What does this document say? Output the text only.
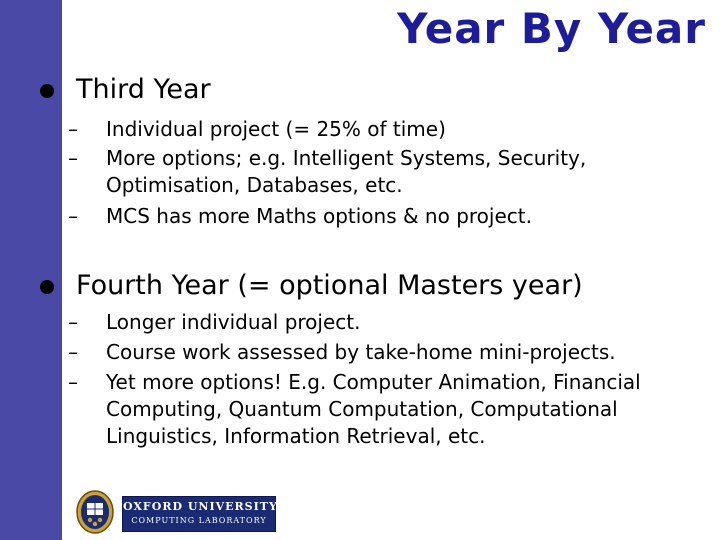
Year By Year
Third Year
– Individual project (= 25% of time)
– More options; e.g. Intelligent Systems, Security, Optimisation, Databases, etc.
– MCS has more Maths options & no project.
Fourth Year (= optional Masters year)
– Longer individual project.
– Course work assessed by take-home mini-projects.
– Yet more options! E.g. Computer Animation, Financial Computing, Quantum Computation, Computational Linguistics, Information Retrieval, etc.
OXFORD UNIVERSITY
COMPUTING LABORATORY
